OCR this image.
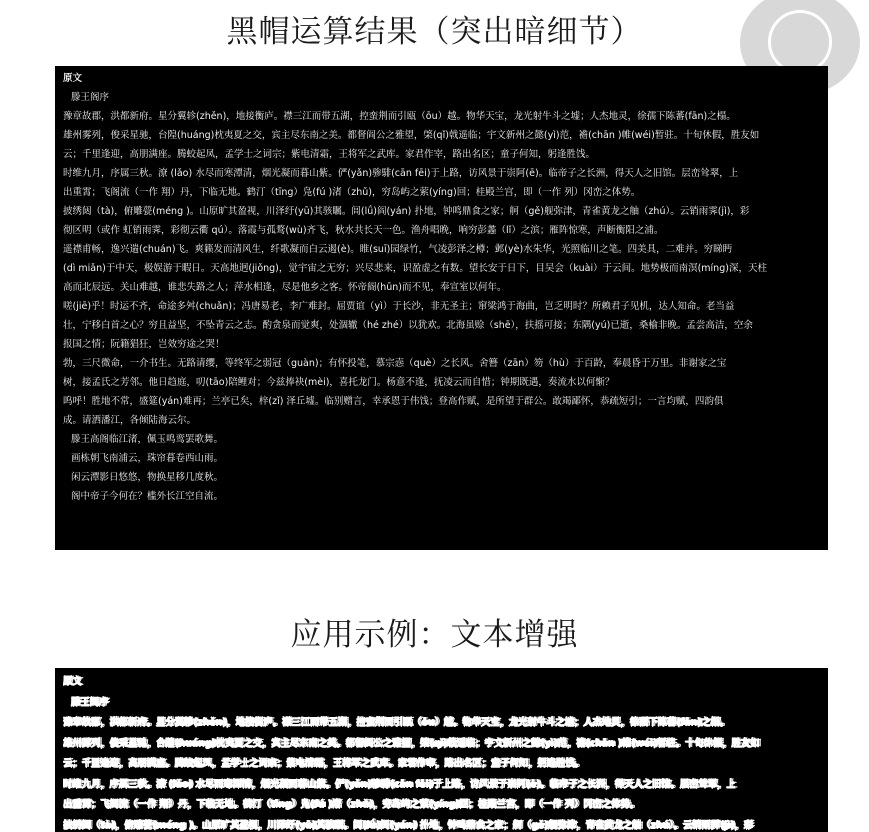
黑帽运算结果（突出暗细节）
原文
滕王阁序
豫章故郡，洪都新府。星分翼轸(zhěn)，地接衡庐。襟三江而带五湖，控蛮荆而引瓯（ōu）越。物华天宝，龙光射牛斗之墟；人杰地灵，徐孺下陈蕃(fān)之榻。
雄州雾列，俊采星驰，台隍(huáng)枕夷夏之交，宾主尽东南之美。都督阎公之雅望，棨(qǐ)戟遥临；宇文新州之懿(yì)范，襜(chān )帷(wéi)暂驻。十旬休假，胜友如
云；千里逢迎，高朋满座。腾蛟起凤，孟学士之词宗；紫电清霜，王将军之武库。家君作宰，路出名区；童子何知，躬逢胜饯。
时维九月，序属三秋。潦 (lǎo) 水尽而寒潭清，烟光凝而暮山紫。俨(yǎn)骖騑(cān fēi)于上路，访风景于崇阿(ē)。临帝子之长洲，得天人之旧馆。层峦耸翠，上
出重霄；飞阁流（一作 翔）丹，下临无地。鹤汀（tīng）凫(fú )渚（zhǔ)，穷岛屿之萦(yíng)回；桂殿兰宫，即（一作 列）冈峦之体势。
披绣闼（tà)，俯雕甍(méng )。山原旷其盈视，川泽纡(yū)其骇瞩。闾(lǘ)阎(yán) 扑地，钟鸣鼎食之家；舸（gě)舰弥津，青雀黄龙之舳（zhú）。云销雨霁(jì)，彩
彻区明（或作 虹销雨霁，彩彻云衢 qú）。落霞与孤鹜(wù)齐飞，秋水共长天一色。渔舟唱晚，响穷彭蠡（lǐ）之滨；雁阵惊寒，声断衡阳之浦。
遥襟甫畅，逸兴遄(chuán)飞。爽籁发而清风生，纤歌凝而白云遏(è)。睢(suī)园绿竹，气凌彭泽之樽；邺(yè)水朱华，光照临川之笔。四美具，二难并。穷睇眄
(dì miǎn)于中天，极娱游于暇日。天高地迥(jiǒng)，觉宇宙之无穷；兴尽悲来，识盈虚之有数。望长安于日下，目吴会（kuài）于云间。地势极而南溟(míng)深，天柱
高而北辰远。关山难越，谁悲失路之人；萍水相逢，尽是他乡之客。怀帝阍(hūn)而不见，奉宣室以何年。
嗟(jiē)乎！时运不齐，命途多舛(chuǎn)；冯唐易老，李广难封。屈贾谊（yì）于长沙，非无圣主；窜梁鸿于海曲，岂乏明时？所赖君子见机，达人知命。老当益
壮，宁移白首之心？穷且益坚，不坠青云之志。酌贪泉而觉爽，处涸辙（hé zhé）以犹欢。北海虽赊（shē），扶摇可接；东隅(yú)已逝，桑榆非晚。孟尝高洁，空余
报国之情；阮籍猖狂，岂效穷途之哭！
勃，三尺微命，一介书生。无路请缨，等终军之弱冠（guàn)；有怀投笔，慕宗悫（què）之长风。舍簪（zān）笏（hù）于百龄，奉晨昏于万里。非谢家之宝
树，接孟氏之芳邻。他日趋庭，叨(tāo)陪鲤对；今兹捧袂(mèi)，喜托龙门。杨意不逢，抚凌云而自惜；钟期既遇，奏流水以何惭？
呜呼！胜地不常，盛筵(yán)难再；兰亭已矣，梓(zǐ) 泽丘墟。临别赠言，幸承恩于伟饯；登高作赋，是所望于群公。敢竭鄙怀，恭疏短引；一言均赋，四韵俱
成。请洒潘江，各倾陆海云尔。
滕王高阁临江渚，佩玉鸣鸾罢歌舞。
画栋朝飞南浦云，珠帘暮卷西山雨。
闲云潭影日悠悠，物换星移几度秋。
阁中帝子今何在？槛外长江空自流。
应用示例：文本增强
原文
滕王阁序
豫章故郡，洪都新府。星分翼轸(zhěn)，地接衡庐。襟三江而带五湖，控蛮荆而引瓯（ōu）越。物华天宝，龙光射牛斗之墟；人杰地灵，徐孺下陈蕃(fān)之榻。
雄州雾列，俊采星驰，台隍(huáng)枕夷夏之交，宾主尽东南之美。都督阎公之雅望，棨(qǐ)戟遥临；宇文新州之懿(yì)范，襜(chān )帷(wéi)暂驻。十旬休假，胜友如
云；千里逢迎，高朋满座。腾蛟起凤，孟学士之词宗；紫电清霜，王将军之武库。家君作宰，路出名区；童子何知，躬逢胜饯。
时维九月，序属三秋。潦 (lǎo) 水尽而寒潭清，烟光凝而暮山紫。俨(yǎn)骖騑(cān fēi)于上路，访风景于崇阿(ē)。临帝子之长洲，得天人之旧馆。层峦耸翠，上
出重霄；飞阁流（一作 翔）丹，下临无地。鹤汀（tīng）凫(fú )渚（zhǔ)，穷岛屿之萦(yíng)回；桂殿兰宫，即（一作 列）冈峦之体势。
披绣闼（tà)，俯雕甍(méng )。山原旷其盈视，川泽纡(yū)其骇瞩。闾(lǘ)阎(yán) 扑地，钟鸣鼎食之家；舸（gě)舰弥津，青雀黄龙之舳（zhú）。云销雨霁(jì)，彩
